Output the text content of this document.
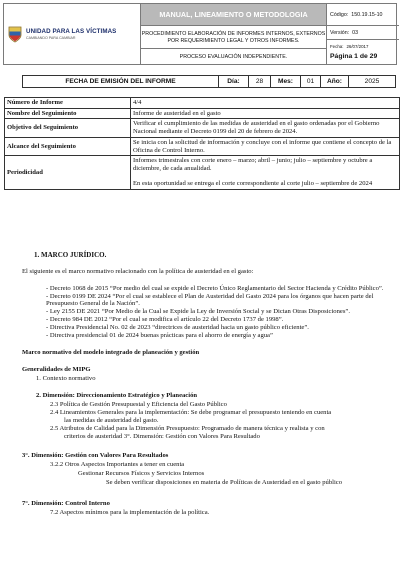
UNIDAD PARA LAS VÍCTIMAS
CAMBIANDO PARA CAMBIAR
MANUAL, LINEAMIENTO O METODOLOGIA
PROCEDIMIENTO ELABORACIÓN DE INFORMES INTERNOS, EXTERNOS POR REQUERIMIENTO LEGAL Y OTROS INFORMES.
PROCESO EVALUACIÓN INDEPENDIENTE.
Código: 150.19.15-10
Versión: 03
Fecha: 26/07/2017
Página 1 de 29
FECHA DE EMISIÓN DEL INFORME	Día:	28	Mes:	01	Año:	2025
Número de Informe	4/4
Nombre del Seguimiento	Informe de austeridad en el gasto
Objetivo del Seguimiento	Verificar el cumplimiento de las medidas de austeridad en el gasto ordenadas por el Gobierno Nacional mediante el Decreto 0199 del 20 de febrero de 2024.
Alcance del Seguimiento	Se inicia con la solicitud de información y concluye con el informe que contiene el concepto de la Oficina de Control Interno.
Periodicidad	Informes trimestrales con corte enero – marzo; abril – junio; julio – septiembre y octubre a diciembre, de cada anualidad.
En esta oportunidad se entrega el corte correspondiente al corte julio – septiembre de 2024
1. MARCO JURÍDICO.
El siguiente es el marco normativo relacionado con la política de austeridad en el gasto:

- Decreto 1068 de 2015 “Por medio del cual se expide el Decreto Único Reglamentario del Sector Hacienda y Crédito Público”.

- Decreto 0199 DE 2024 “Por el cual se establece el Plan de Austeridad del Gasto 2024 para los órganos que hacen parte del Presupuesto General de la Nación”.

- Ley 2155 DE 2021 “Por Medio de la Cual se Expide la Ley de Inversión Social y se Dictan Otras Disposiciones”.

- Decreto 984 DE 2012 “Por el cual se modifica el artículo 22 del Decreto 1737 de 1998”.

- Directiva Presidencial No. 02 de 2023 “directrices de austeridad hacia un gasto público eficiente”.

- Directiva presidencial 01 de 2024 buenas prácticas para el ahorro de energía y agua”

Marco normativo del modelo integrado de planeación y gestión
Generalidades de MIPG
1. Contexto normativo
2. Dimensión: Direccionamiento Estratégico y Planeación
2.3 Política de Gestión Presupuestal y Eficiencia del Gasto Público
2.4 Lineamientos Generales para la implementación: Se debe programar el presupuesto teniendo en cuenta
las medidas de austeridad del gasto.
2.5 Atributos de Calidad para la Dimensión Presupuesto: Programado de manera técnica y realista y con
criterios de austeridad 3°. Dimensión: Gestión con Valores Para Resultado
3°. Dimensión: Gestión con Valores Para Resultados
3.2.2 Otros Aspectos Importantes a tener en cuenta
Gestionar Recursos Físicos y Servicios Internos
Se deben verificar disposiciones en materia de Políticas de Austeridad en el gasto público
7°. Dimensión: Control Interno
7.2 Aspectos mínimos para la implementación de la política.
